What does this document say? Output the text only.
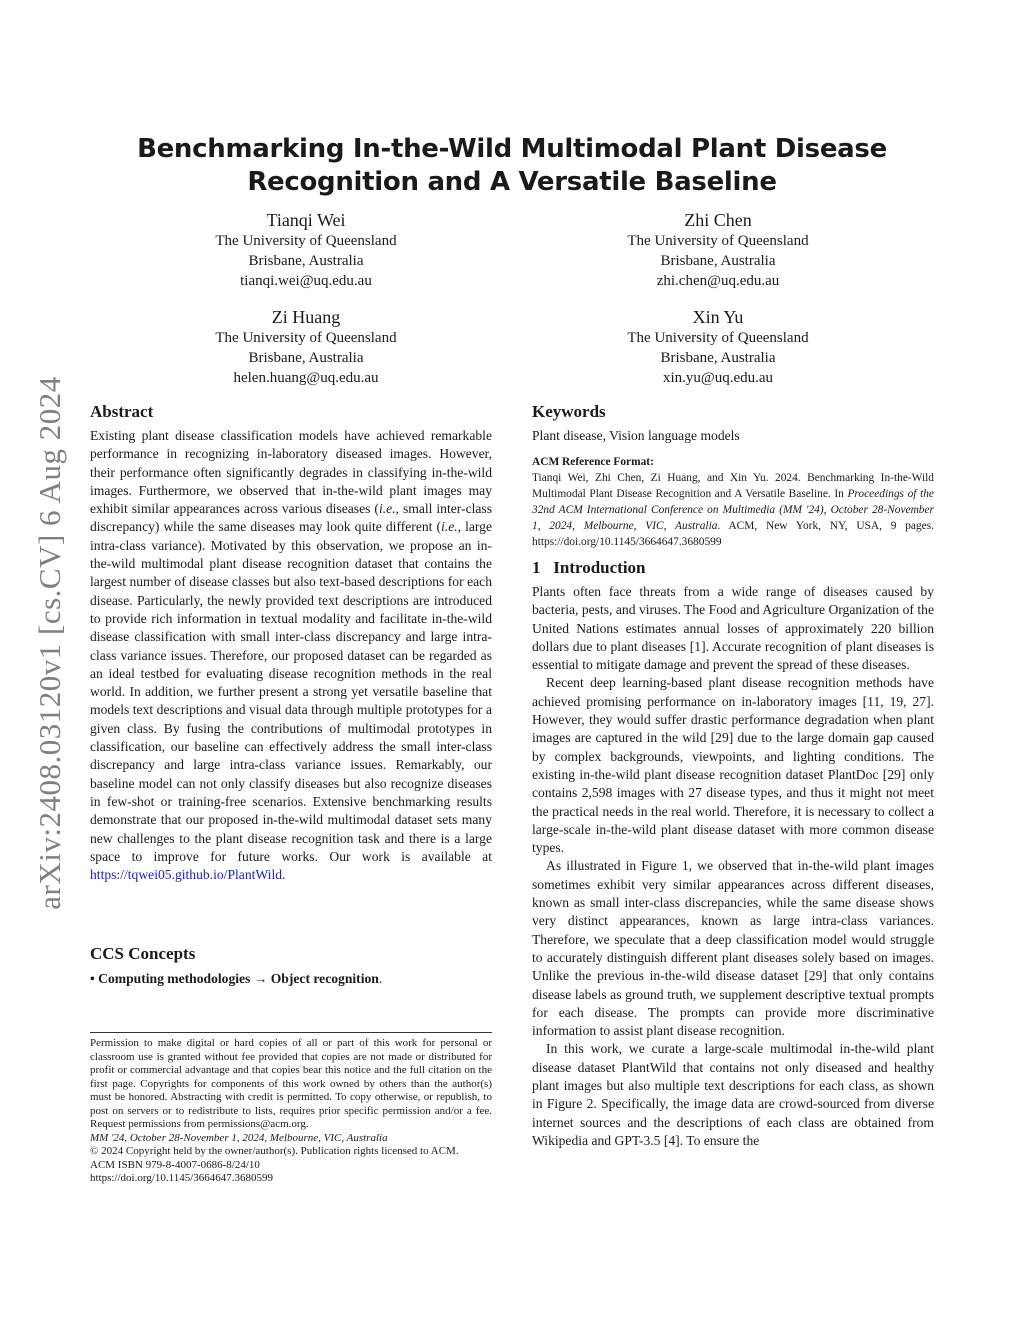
arXiv:2408.03120v1 [cs.CV] 6 Aug 2024
Benchmarking In-the-Wild Multimodal Plant Disease Recognition and A Versatile Baseline
Tianqi Wei
The University of Queensland
Brisbane, Australia
tianqi.wei@uq.edu.au
Zhi Chen
The University of Queensland
Brisbane, Australia
zhi.chen@uq.edu.au
Zi Huang
The University of Queensland
Brisbane, Australia
helen.huang@uq.edu.au
Xin Yu
The University of Queensland
Brisbane, Australia
xin.yu@uq.edu.au
Abstract

Existing plant disease classification models have achieved remarkable performance in recognizing in-laboratory diseased images. However, their performance often significantly degrades in classifying in-the-wild images. Furthermore, we observed that in-the-wild plant images may exhibit similar appearances across various diseases (i.e., small inter-class discrepancy) while the same diseases may look quite different (i.e., large intra-class variance). Motivated by this observation, we propose an in-the-wild multimodal plant disease recognition dataset that contains the largest number of disease classes but also text-based descriptions for each disease. Particularly, the newly provided text descriptions are introduced to provide rich information in textual modality and facilitate in-the-wild disease classification with small inter-class discrepancy and large intra-class variance issues. Therefore, our proposed dataset can be regarded as an ideal testbed for evaluating disease recognition methods in the real world. In addition, we further present a strong yet versatile baseline that models text descriptions and visual data through multiple prototypes for a given class. By fusing the contributions of multimodal prototypes in classification, our baseline can effectively address the small inter-class discrepancy and large intra-class variance issues. Remarkably, our baseline model can not only classify diseases but also recognize diseases in few-shot or training-free scenarios. Extensive benchmarking results demonstrate that our proposed in-the-wild multimodal dataset sets many new challenges to the plant disease recognition task and there is a large space to improve for future works. Our work is available at https://tqwei05.github.io/PlantWild.

CCS Concepts

• Computing methodologies → Object recognition.

Permission to make digital or hard copies of all or part of this work for personal or classroom use is granted without fee provided that copies are not made or distributed for profit or commercial advantage and that copies bear this notice and the full citation on the first page. Copyrights for components of this work owned by others than the author(s) must be honored. Abstracting with credit is permitted. To copy otherwise, or republish, to post on servers or to redistribute to lists, requires prior specific permission and/or a fee. Request permissions from permissions@acm.org.

MM '24, October 28-November 1, 2024, Melbourne, VIC, Australia

© 2024 Copyright held by the owner/author(s). Publication rights licensed to ACM.

ACM ISBN 979-8-4007-0686-8/24/10

https://doi.org/10.1145/3664647.3680599

Keywords

Plant disease, Vision language models

ACM Reference Format:

Tianqi Wei, Zhi Chen, Zi Huang, and Xin Yu. 2024. Benchmarking In-the-Wild Multimodal Plant Disease Recognition and A Versatile Baseline. In Proceedings of the 32nd ACM International Conference on Multimedia (MM '24), October 28-November 1, 2024, Melbourne, VIC, Australia. ACM, New York, NY, USA, 9 pages. https://doi.org/10.1145/3664647.3680599

1   Introduction

Plants often face threats from a wide range of diseases caused by bacteria, pests, and viruses. The Food and Agriculture Organization of the United Nations estimates annual losses of approximately 220 billion dollars due to plant diseases [1]. Accurate recognition of plant diseases is essential to mitigate damage and prevent the spread of these diseases.

Recent deep learning-based plant disease recognition methods have achieved promising performance on in-laboratory images [11, 19, 27]. However, they would suffer drastic performance degradation when plant images are captured in the wild [29] due to the large domain gap caused by complex backgrounds, viewpoints, and lighting conditions. The existing in-the-wild plant disease recognition dataset PlantDoc [29] only contains 2,598 images with 27 disease types, and thus it might not meet the practical needs in the real world. Therefore, it is necessary to collect a large-scale in-the-wild plant disease dataset with more common disease types.

As illustrated in Figure 1, we observed that in-the-wild plant images sometimes exhibit very similar appearances across different diseases, known as small inter-class discrepancies, while the same disease shows very distinct appearances, known as large intra-class variances. Therefore, we speculate that a deep classification model would struggle to accurately distinguish different plant diseases solely based on images. Unlike the previous in-the-wild disease dataset [29] that only contains disease labels as ground truth, we supplement descriptive textual prompts for each disease. The prompts can provide more discriminative information to assist plant disease recognition.

In this work, we curate a large-scale multimodal in-the-wild plant disease dataset PlantWild that contains not only diseased and healthy plant images but also multiple text descriptions for each class, as shown in Figure 2. Specifically, the image data are crowd-sourced from diverse internet sources and the descriptions of each class are obtained from Wikipedia and GPT-3.5 [4]. To ensure the
